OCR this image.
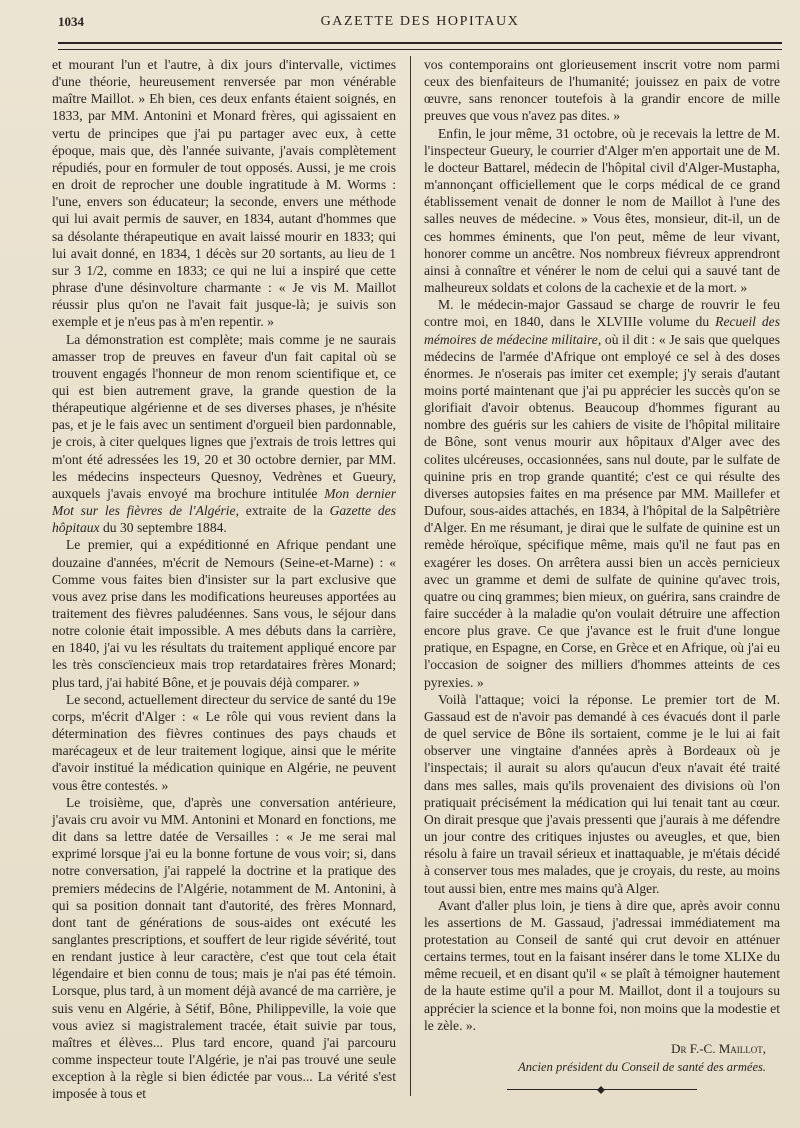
1034	GAZETTE DES HOPITAUX

et mourant l'un et l'autre, à dix jours d'intervalle, victimes d'une théorie, heureusement renversée par mon vénérable maître Maillot. » Eh bien, ces deux enfants étaient soignés, en 1833, par MM. Antonini et Monard frères, qui agissaient en vertu de principes que j'ai pu partager avec eux, à cette époque, mais que, dès l'année suivante, j'avais complètement répudiés, pour en formuler de tout opposés. Aussi, je me crois en droit de reprocher une double ingratitude à M. Worms : l'une, envers son éducateur; la seconde, envers une méthode qui lui avait permis de sauver, en 1834, autant d'hommes que sa désolante thérapeutique en avait laissé mourir en 1833; qui lui avait donné, en 1834, 1 décès sur 20 sortants, au lieu de 1 sur 3 1/2, comme en 1833; ce qui ne lui a inspiré que cette phrase d'une désinvolture charmante : « Je vis M. Maillot réussir plus qu'on ne l'avait fait jusque-là; je suivis son exemple et je n'eus pas à m'en repentir. »

La démonstration est complète; mais comme je ne saurais amasser trop de preuves en faveur d'un fait capital où se trouvent engagés l'honneur de mon renom scientifique et, ce qui est bien autrement grave, la grande question de la thérapeutique algérienne et de ses diverses phases, je n'hésite pas, et je le fais avec un sentiment d'orgueil bien pardonnable, je crois, à citer quelques lignes que j'extrais de trois lettres qui m'ont été adressées les 19, 20 et 30 octobre dernier, par MM. les médecins inspecteurs Quesnoy, Vedrènes et Gueury, auxquels j'avais envoyé ma brochure intitulée Mon dernier Mot sur les fièvres de l'Algérie, extraite de la Gazette des hôpitaux du 30 septembre 1884.

Le premier, qui a expéditionné en Afrique pendant une douzaine d'années, m'écrit de Nemours (Seine-et-Marne) : « Comme vous faites bien d'insister sur la part exclusive que vous avez prise dans les modifications heureuses apportées au traitement des fièvres paludéennes. Sans vous, le séjour dans notre colonie était impossible. A mes débuts dans la carrière, en 1840, j'ai vu les résultats du traitement appliqué encore par les très conscïencieux mais trop retardataires frères Monard; plus tard, j'ai habité Bône, et je pouvais déjà comparer. »

Le second, actuellement directeur du service de santé du 19e corps, m'écrit d'Alger : « Le rôle qui vous revient dans la détermination des fièvres continues des pays chauds et marécageux et de leur traitement logique, ainsi que le mérite d'avoir institué la médication quinique en Algérie, ne peuvent vous être contestés. »

Le troisième, que, d'après une conversation antérieure, j'avais cru avoir vu MM. Antonini et Monard en fonctions, me dit dans sa lettre datée de Versailles : « Je me serai mal exprimé lorsque j'ai eu la bonne fortune de vous voir; si, dans notre conversation, j'ai rappelé la doctrine et la pratique des premiers médecins de l'Algérie, notamment de M. Antonini, à qui sa position donnait tant d'autorité, des frères Monnard, dont tant de générations de sous-aides ont exécuté les sanglantes prescriptions, et souffert de leur rigide sévérité, tout en rendant justice à leur caractère, c'est que tout cela était légendaire et bien connu de tous; mais je n'ai pas été témoin. Lorsque, plus tard, à un moment déjà avancé de ma carrière, je suis venu en Algérie, à Sétif, Bône, Philippeville, la voie que vous aviez si magistralement tracée, était suivie par tous, maîtres et élèves... Plus tard encore, quand j'ai parcouru comme inspecteur toute l'Algérie, je n'ai pas trouvé une seule exception à la règle si bien édictée par vous... La vérité s'est imposée à tous et

vos contemporains ont glorieusement inscrit votre nom parmi ceux des bienfaiteurs de l'humanité; jouissez en paix de votre œuvre, sans renoncer toutefois à la grandir encore de mille preuves que vous n'avez pas dites. »

Enfin, le jour même, 31 octobre, où je recevais la lettre de M. l'inspecteur Gueury, le courrier d'Alger m'en apportait une de M. le docteur Battarel, médecin de l'hôpital civil d'Alger-Mustapha, m'annonçant officiellement que le corps médical de ce grand établissement venait de donner le nom de Maillot à l'une des salles neuves de médecine. » Vous êtes, monsieur, dit-il, un de ces hommes éminents, que l'on peut, même de leur vivant, honorer comme un ancêtre. Nos nombreux fiévreux apprendront ainsi à connaître et vénérer le nom de celui qui a sauvé tant de malheureux soldats et colons de la cachexie et de la mort. »

M. le médecin-major Gassaud se charge de rouvrir le feu contre moi, en 1840, dans le XLVIIIe volume du Recueil des mémoires de médecine militaire, où il dit : « Je sais que quelques médecins de l'armée d'Afrique ont employé ce sel à des doses énormes. Je n'oserais pas imiter cet exemple; j'y serais d'autant moins porté maintenant que j'ai pu apprécier les succès qu'on se glorifiait d'avoir obtenus. Beaucoup d'hommes figurant au nombre des guéris sur les cahiers de visite de l'hôpital militaire de Bône, sont venus mourir aux hôpitaux d'Alger avec des colites ulcéreuses, occasionnées, sans nul doute, par le sulfate de quinine pris en trop grande quantité; c'est ce qui résulte des diverses autopsies faites en ma présence par MM. Maillefer et Dufour, sous-aides attachés, en 1834, à l'hôpital de la Salpêtrière d'Alger. En me résumant, je dirai que le sulfate de quinine est un remède héroïque, spécifique même, mais qu'il ne faut pas en exagérer les doses. On arrêtera aussi bien un accès pernicieux avec un gramme et demi de sulfate de quinine qu'avec trois, quatre ou cinq grammes; bien mieux, on guérira, sans craindre de faire succéder à la maladie qu'on voulait détruire une affection encore plus grave. Ce que j'avance est le fruit d'une longue pratique, en Espagne, en Corse, en Grèce et en Afrique, où j'ai eu l'occasion de soigner des milliers d'hommes atteints de ces pyrexies. »

Voilà l'attaque; voici la réponse. Le premier tort de M. Gassaud est de n'avoir pas demandé à ces évacués dont il parle de quel service de Bône ils sortaient, comme je le lui ai fait observer une vingtaine d'années après à Bordeaux où je l'inspectais; il aurait su alors qu'aucun d'eux n'avait été traité dans mes salles, mais qu'ils provenaient des divisions où l'on pratiquait précisément la médication qui lui tenait tant au cœur. On dirait presque que j'avais pressenti que j'aurais à me défendre un jour contre des critiques injustes ou aveugles, et que, bien résolu à faire un travail sérieux et inattaquable, je m'étais décidé à conserver tous mes malades, que je croyais, du reste, au moins tout aussi bien, entre mes mains qu'à Alger.

Avant d'aller plus loin, je tiens à dire que, après avoir connu les assertions de M. Gassaud, j'adressai immédiatement ma protestation au Conseil de santé qui crut devoir en atténuer certains termes, tout en la faisant insérer dans le tome XLIXe du même recueil, et en disant qu'il « se plaît à témoigner hautement de la haute estime qu'il a pour M. Maillot, dont il a toujours su apprécier la science et la bonne foi, non moins que la modestie et le zèle. ».

Dr F.-C. Maillot,
Ancien président du Conseil de santé des armées.
